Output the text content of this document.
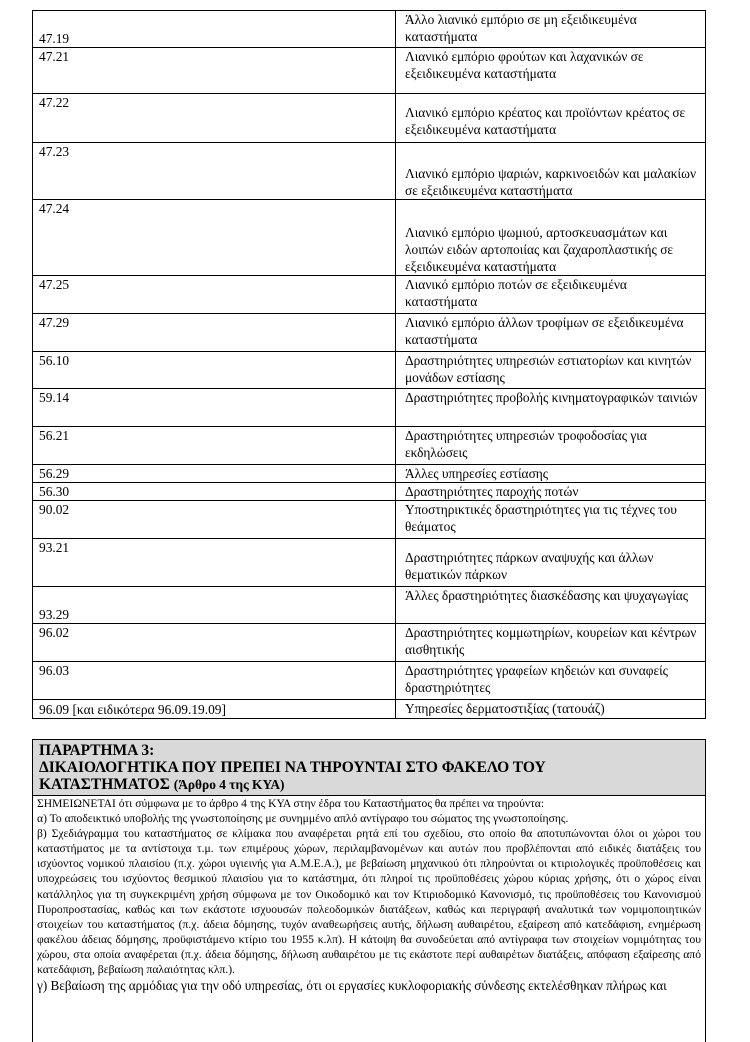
47.19	Άλλο λιανικό εμπόριο σε μη εξειδικευμένα καταστήματα
47.21	Λιανικό εμπόριο φρούτων και λαχανικών σε εξειδικευμένα καταστήματα
47.22	Λιανικό εμπόριο κρέατος και προϊόντων κρέατος σε εξειδικευμένα καταστήματα
47.23	Λιανικό εμπόριο ψαριών, καρκινοειδών και μαλακίων σε εξειδικευμένα καταστήματα
47.24	Λιανικό εμπόριο ψωμιού, αρτοσκευασμάτων και λοιπών ειδών αρτοποιίας και ζαχαροπλαστικής σε εξειδικευμένα καταστήματα
47.25	Λιανικό εμπόριο ποτών σε εξειδικευμένα καταστήματα
47.29	Λιανικό εμπόριο άλλων τροφίμων σε εξειδικευμένα καταστήματα
56.10	Δραστηριότητες υπηρεσιών εστιατορίων και κινητών μονάδων εστίασης
59.14	Δραστηριότητες προβολής κινηματογραφικών ταινιών
56.21	Δραστηριότητες υπηρεσιών τροφοδοσίας για εκδηλώσεις
56.29	Άλλες υπηρεσίες εστίασης
56.30	Δραστηριότητες παροχής ποτών
90.02	Υποστηρικτικές δραστηριότητες για τις τέχνες του θεάματος
93.21	Δραστηριότητες πάρκων αναψυχής και άλλων θεματικών πάρκων
93.29	Άλλες δραστηριότητες διασκέδασης και ψυχαγωγίας
96.02	Δραστηριότητες κομμωτηρίων, κουρείων και κέντρων αισθητικής
96.03	Δραστηριότητες γραφείων κηδειών και συναφείς δραστηριότητες
96.09 [και ειδικότερα 96.09.19.09]	Υπηρεσίες δερματοστιξίας (τατουάζ)
ΠΑΡΑΡΤΗΜΑ 3:
ΔΙΚΑΙΟΛΟΓΗΤΙΚΑ ΠΟΥ ΠΡΕΠΕΙ ΝΑ ΤΗΡΟΥΝΤΑΙ ΣΤΟ ΦΑΚΕΛΟ ΤΟΥ
ΚΑΤΑΣΤΗΜΑΤΟΣ (Άρθρο 4 της ΚΥΑ)

ΣΗΜΕΙΩΝΕΤΑΙ ότι σύμφωνα με το άρθρο 4 της ΚΥΑ στην έδρα του Καταστήματος θα πρέπει να τηρούντα:

α) Το αποδεικτικό υποβολής της γνωστοποίησης με συνημμένο απλό αντίγραφο του σώματος της γνωστοποίησης.

β) Σχεδιάγραμμα του καταστήματος σε κλίμακα που αναφέρεται ρητά επί του σχεδίου, στο οποίο θα αποτυπώνονται όλοι οι χώροι του καταστήματος με τα αντίστοιχα τ.μ. των επιμέρους χώρων, περιλαμβανομένων και αυτών που προβλέπονται από ειδικές διατάξεις του ισχύοντος νομικού πλαισίου (π.χ. χώροι υγιεινής για Α.Μ.Ε.Α.), με βεβαίωση μηχανικού ότι πληρούνται οι κτιριολογικές προϋποθέσεις και υποχρεώσεις του ισχύοντος θεσμικού πλαισίου για το κατάστημα, ότι πληροί τις προϋποθέσεις χώρου κύριας χρήσης, ότι ο χώρος είναι κατάλληλος για τη συγκεκριμένη χρήση σύμφωνα με τον Οικοδομικό και τον Κτιριοδομικό Κανονισμό, τις προϋποθέσεις του Κανονισμού Πυροπροστασίας, καθώς και των εκάστοτε ισχυουσών πολεοδομικών διατάξεων, καθώς και περιγραφή αναλυτικά των νομιμοποιητικών στοιχείων του καταστήματος (π.χ. άδεια δόμησης, τυχόν αναθεωρήσεις αυτής, δήλωση αυθαιρέτου, εξαίρεση από κατεδάφιση, ενημέρωση φακέλου άδειας δόμησης, προϋφιστάμενο κτίριο του 1955 κ.λπ). Η κάτοψη θα συνοδεύεται από αντίγραφα των στοιχείων νομιμότητας του χώρου, στα οποία αναφέρεται (π.χ. άδεια δόμησης, δήλωση αυθαιρέτου με τις εκάστοτε περί αυθαιρέτων διατάξεις, απόφαση εξαίρεσης από κατεδάφιση, βεβαίωση παλαιότητας κλπ.).

γ) Βεβαίωση της αρμόδιας για την οδό υπηρεσίας, ότι οι εργασίες κυκλοφοριακής σύνδεσης εκτελέσθηκαν πλήρως και
